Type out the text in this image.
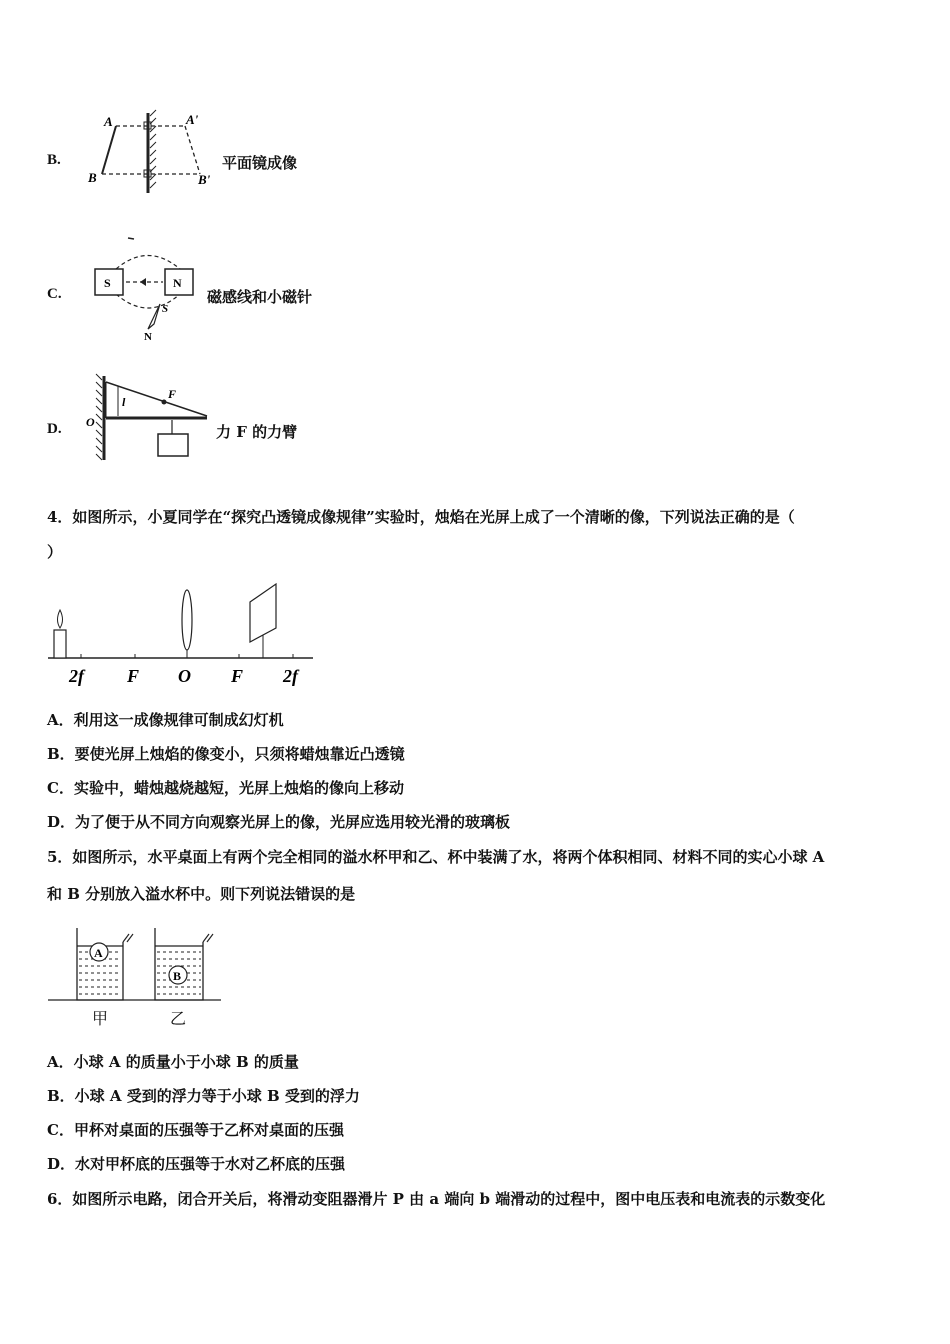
B.
A	A'
B	B'
平面镜成像
C.
S	N
S
N
磁感线和小磁针
D.
F
l
O
力 F 的力臂
4．如图所示，小夏同学在“探究凸透镜成像规律”实验时，烛焰在光屏上成了一个清晰的像，下列说法正确的是（
）
2f F O F 2f
A．利用这一成像规律可制成幻灯机
B．要使光屏上烛焰的像变小，只须将蜡烛靠近凸透镜
C．实验中，蜡烛越烧越短，光屏上烛焰的像向上移动
D．为了便于从不同方向观察光屏上的像，光屏应选用较光滑的玻璃板
5．如图所示，水平桌面上有两个完全相同的溢水杯甲和乙、杯中装满了水，将两个体积相同、材料不同的实心小球 A
和 B 分别放入溢水杯中。则下列说法错误的是
A
B
甲	乙
A．小球 A 的质量小于小球 B 的质量
B．小球 A 受到的浮力等于小球 B 受到的浮力
C．甲杯对桌面的压强等于乙杯对桌面的压强
D．水对甲杯底的压强等于水对乙杯底的压强
6．如图所示电路，闭合开关后，将滑动变阻器滑片 P 由 a 端向 b 端滑动的过程中，图中电压表和电流表的示数变化
